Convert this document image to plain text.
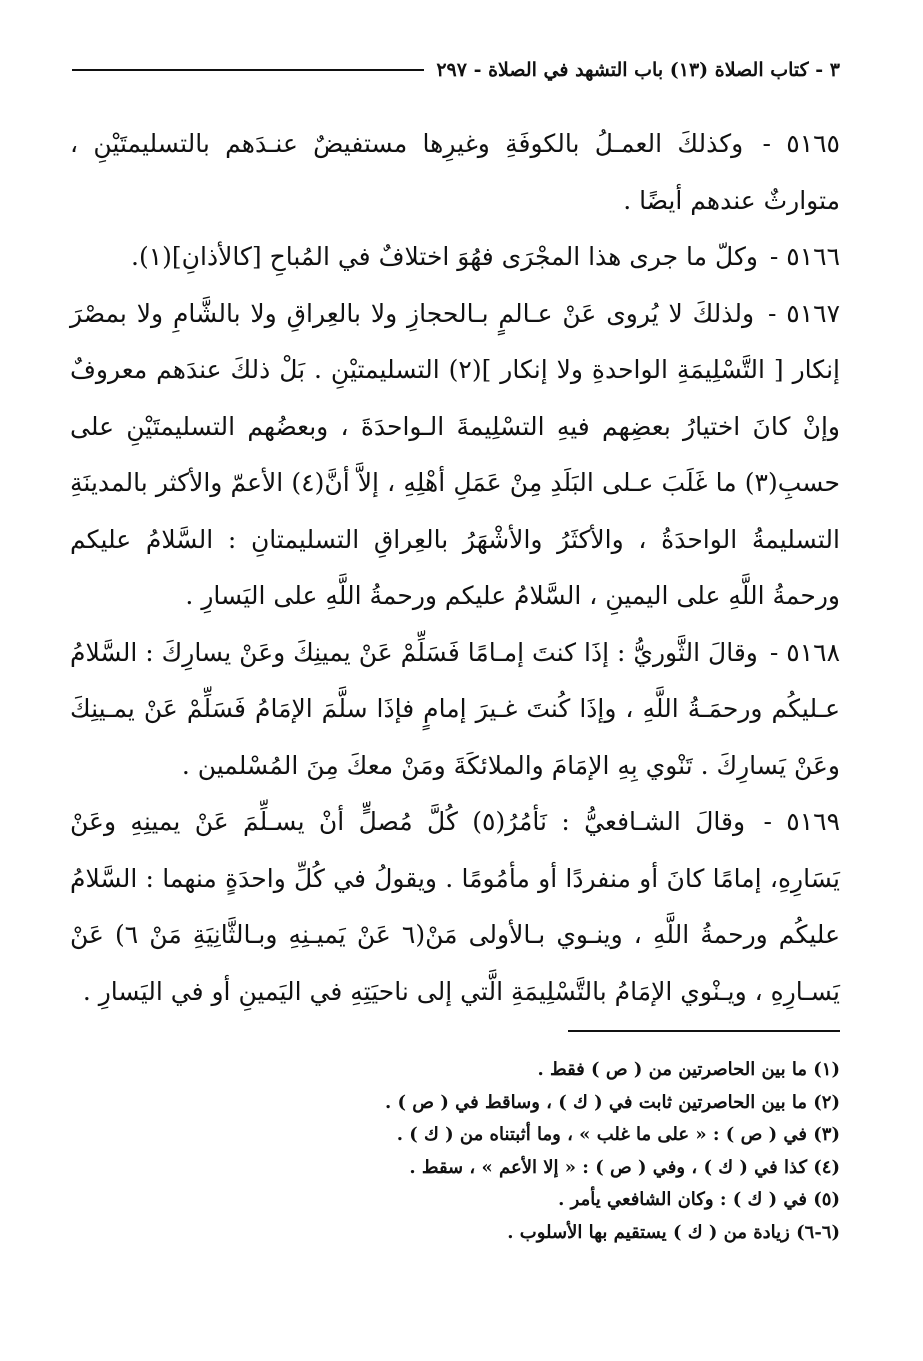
٣ - كتاب الصلاة (١٣) باب التشهد في الصلاة - ٢٩٧

٥١٦٥ - وكذلكَ العمـلُ بالكوفَةِ وغيرِها مستفيضٌ عنـدَهم بالتسليمتَيْنِ ، متوارثٌ عندهم أيضًا .

٥١٦٦ - وكلّ ما جرى هذا المجْرَى فهُوَ اختلافٌ في المُباحِ [كالأذانِ](١).

٥١٦٧ - ولذلكَ لا يُروى عَنْ عـالمٍ بـالحجازِ ولا بالعِراقِ ولا بالشَّامِ ولا بمصْرَ إنكار [ التَّسْلِيمَةِ الواحدةِ ولا إنكار ](٢) التسليمتيْنِ . بَلْ ذلكَ عندَهم معروفٌ وإنْ كانَ اختيارُ بعضِهم فيهِ التسْلِيمةَ الـواحدَةَ ، وبعضُهم التسليمتَيْنِ على حسبِ(٣) ما غَلَبَ عـلى البَلَدِ مِنْ عَمَلِ أهْلِهِ ، إلاَّ أنَّ(٤) الأعمّ والأكثر بالمدينَةِ التسليمةُ الواحدَةُ ، والأكثَرُ والأشْهَرُ بالعِراقِ التسليمتانِ : السَّلامُ عليكم ورحمةُ اللَّهِ على اليمينِ ، السَّلامُ عليكم ورحمةُ اللَّهِ على اليَسارِ .

٥١٦٨ - وقالَ الثَّوريُّ : إذَا كنتَ إمـامًا فَسَلِّمْ عَنْ يمينِكَ وعَنْ يسارِكَ : السَّلامُ عـليكُم ورحمَـةُ اللَّهِ ، وإذَا كُنتَ غـيرَ إمامٍ فإذَا سلَّمَ الإمَامُ فَسَلِّمْ عَنْ يمـينِكَ وعَنْ يَسارِكَ . تَنْوي بِهِ الإمَامَ والملائكَةَ ومَنْ معكَ مِنَ المُسْلمين .

٥١٦٩ - وقالَ الشـافعيُّ : نَأمُرُ(٥) كُلَّ مُصلٍّ أنْ يسـلِّمَ عَنْ يمينِهِ وعَنْ يَسَارِهِ، إمامًا كانَ أو منفردًا أو مأمُومًا . ويقولُ في كُلِّ واحدَةٍ منهما : السَّلامُ عليكُم ورحمةُ اللَّهِ ، وينـوي بـالأولى مَنْ(٦ عَنْ يَميـنِهِ وبـالثَّانِيَةِ مَنْ ٦) عَنْ يَسـارِهِ ، ويـنْوي الإمَامُ بالتَّسْلِيمَةِ الَّتي إلى ناحيَتِهِ في اليَمينِ أو في اليَسارِ .

(١) ما بين الحاصرتين من ( ص ) فقط .

(٢) ما بين الحاصرتين ثابت في ( ك ) ، وساقط في ( ص ) .

(٣) في ( ص ) : « على ما غلب » ، وما أثبتناه من ( ك ) .

(٤) كذا في ( ك ) ، وفي ( ص ) : « إلا الأعم » ، سقط .

(٥) في ( ك ) : وكان الشافعي يأمر .

(٦-٦) زيادة من ( ك ) يستقيم بها الأسلوب .
